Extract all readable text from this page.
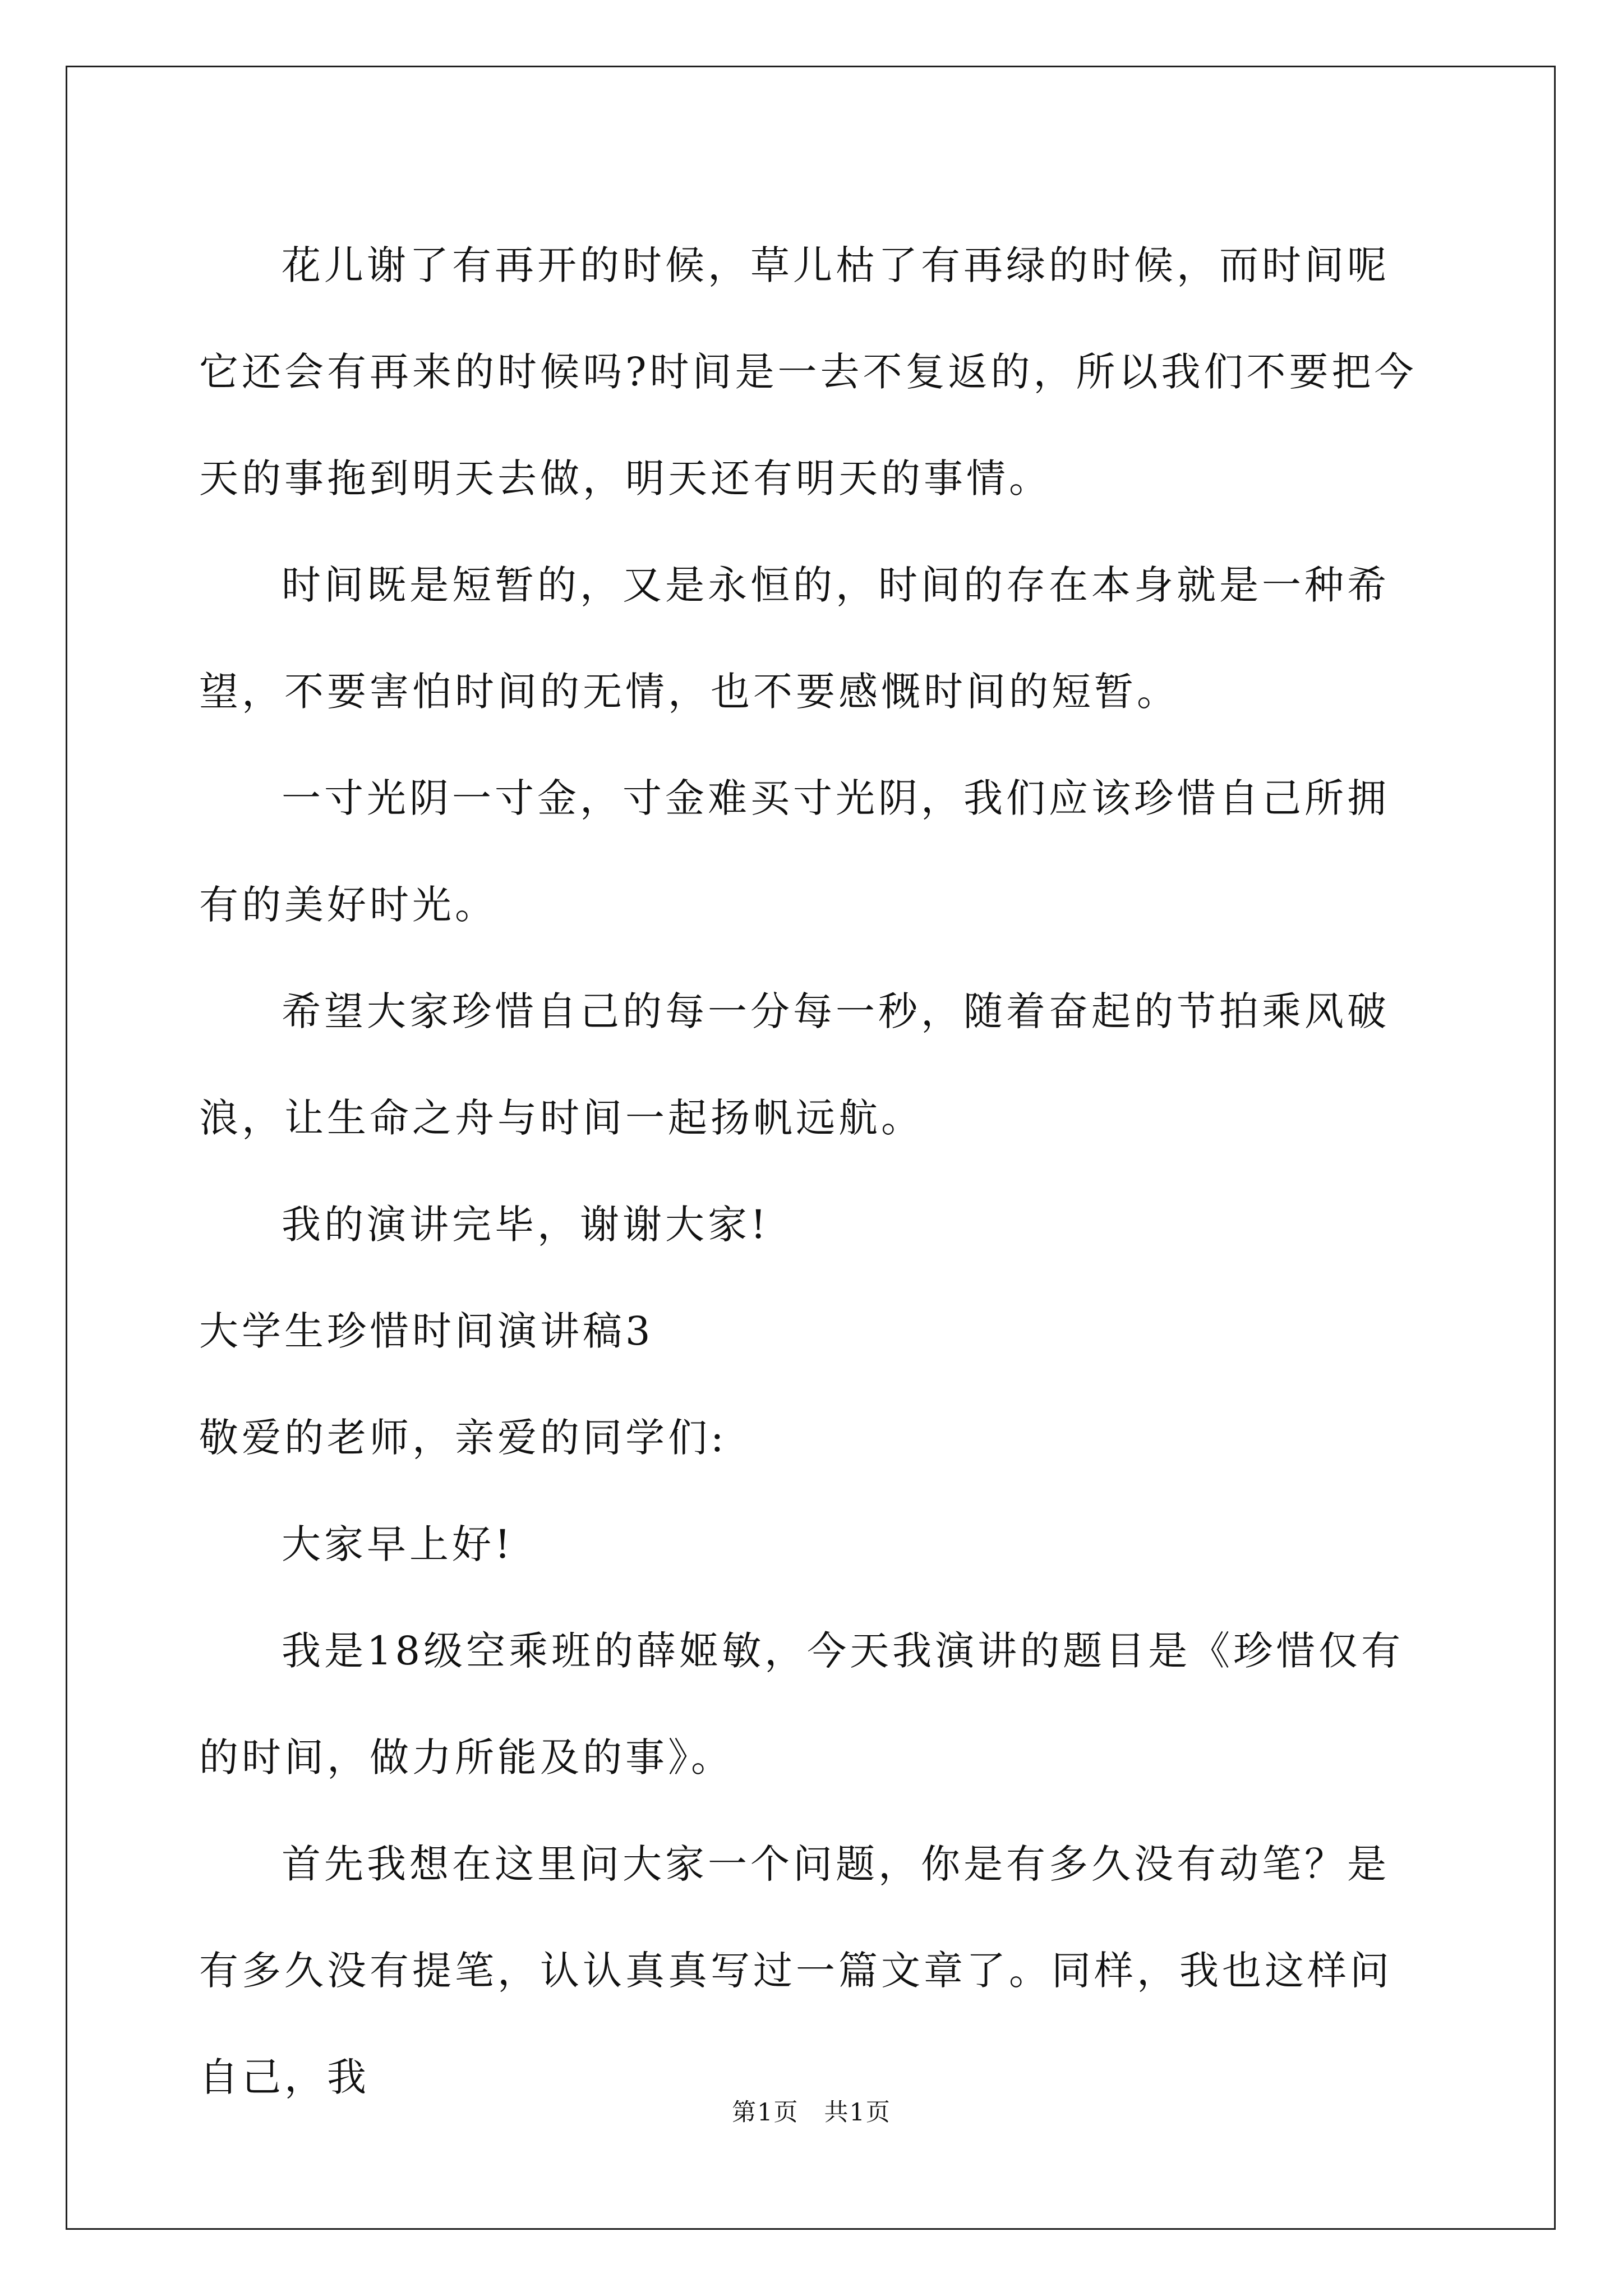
花儿谢了有再开的时候，草儿枯了有再绿的时候，而时间呢 它还会有再来的时候吗?时间是一去不复返的，所以我们不要把今天的事拖到明天去做，明天还有明天的事情。

时间既是短暂的，又是永恒的，时间的存在本身就是一种希望，不要害怕时间的无情，也不要感慨时间的短暂。

一寸光阴一寸金，寸金难买寸光阴，我们应该珍惜自己所拥有的美好时光。

希望大家珍惜自己的每一分每一秒，随着奋起的节拍乘风破浪，让生命之舟与时间一起扬帆远航。

我的演讲完毕，谢谢大家!

大学生珍惜时间演讲稿3

敬爱的老师，亲爱的同学们:

大家早上好!

我是18级空乘班的薛姬敏，今天我演讲的题目是《珍惜仅有的时间，做力所能及的事》。

首先我想在这里问大家一个问题，你是有多久没有动笔？是有多久没有提笔，认认真真写过一篇文章了。同样，我也这样问自己，我

第1页　共1页
